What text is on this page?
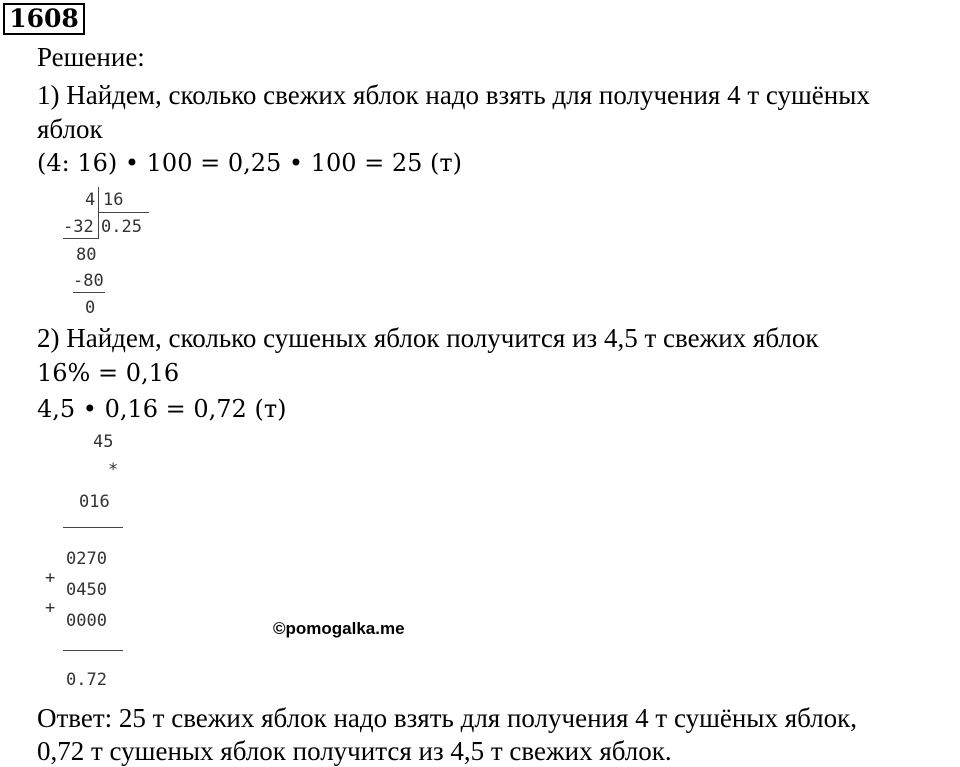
1608
Решение:
1) Найдем, сколько свежих яблок надо взять для получения 4 т сушёных
яблок
(4: 16) • 100 = 0,25 • 100 = 25 (т)
4 16
-32 0.25
80
-80
0
2) Найдем, сколько сушеных яблок получится из 4,5 т свежих яблок
16% = 0,16
4,5 • 0,16 = 0,72 (т)
45
*
016
0270
+
0450
+
0000
0.72
©pomogalka.me
Ответ: 25 т свежих яблок надо взять для получения 4 т сушёных яблок,
0,72 т сушеных яблок получится из 4,5 т свежих яблок.
